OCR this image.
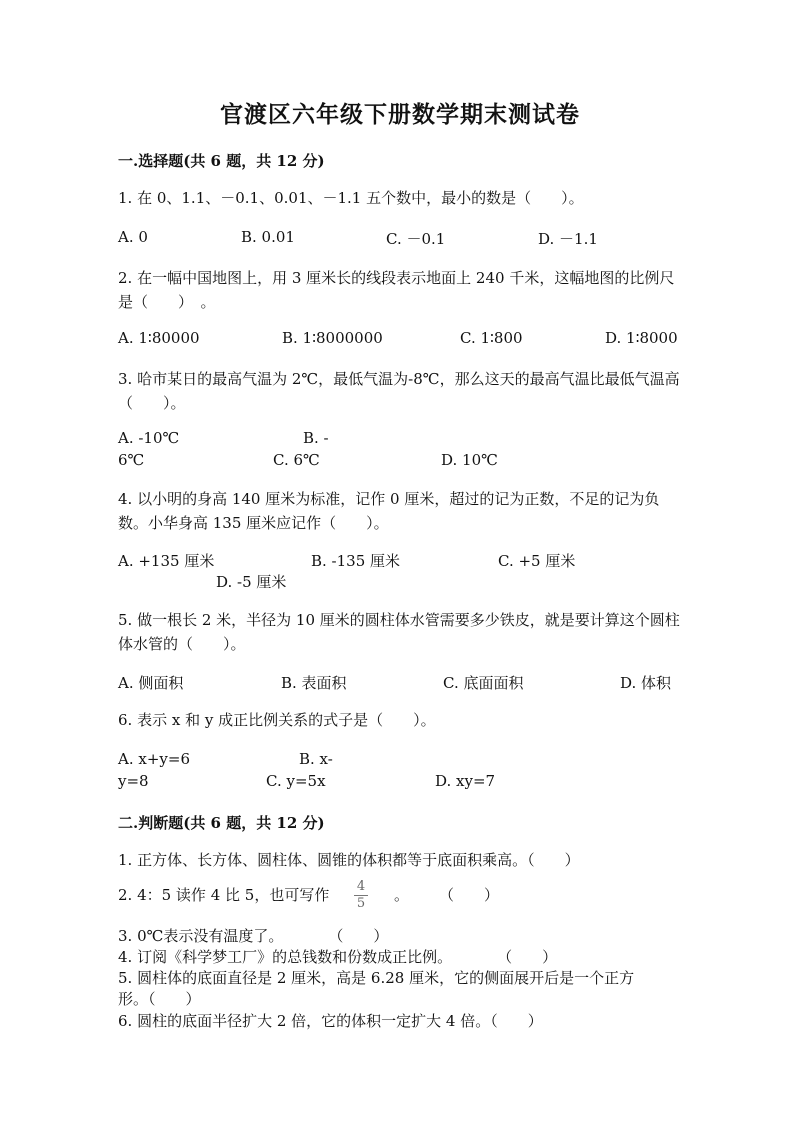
官渡区六年级下册数学期末测试卷
一.选择题(共 6 题，共 12 分)
1. 在 0、1.1、－0.1、0.01、－1.1 五个数中，最小的数是（　　）。
A. 0	B. 0.01	C. －0.1	D. －1.1
2. 在一幅中国地图上，用 3 厘米长的线段表示地面上 240 千米，这幅地图的比例尺是（　　）　。
A. 1∶80000	B. 1∶8000000	C. 1∶800	D. 1∶8000
3. 哈市某日的最高气温为 2℃，最低气温为-8℃，那么这天的最高气温比最低气温高（　　）。
A. -10℃	B. -
6℃	C. 6℃	D. 10℃
4. 以小明的身高 140 厘米为标准，记作 0 厘米，超过的记为正数，不足的记为负数。小华身高 135 厘米应记作（　　）。
A. +135 厘米	B. -135 厘米	C. +5 厘米
D. -5 厘米
5. 做一根长 2 米，半径为 10 厘米的圆柱体水管需要多少铁皮，就是要计算这个圆柱体水管的（　　）。
A. 侧面积	B. 表面积	C. 底面面积	D. 体积
6. 表示 x 和 y 成正比例关系的式子是（　　）。
A. x+y=6	B. x-
y=8	C. y=5x	D. xy=7
二.判断题(共 6 题，共 12 分)
1. 正方体、长方体、圆柱体、圆锥的体积都等于底面积乘高。（　　）
2. 4：5 读作 4 比 5，也可写作 4
5 。　　　（　　）
3. 0℃表示没有温度了。　　　　（　　）
4. 订阅《科学梦工厂》的总钱数和份数成正比例。　　　　（　　）
5. 圆柱体的底面直径是 2 厘米，高是 6.28 厘米，它的侧面展开后是一个正方
形。（　　）
6. 圆柱的底面半径扩大 2 倍，它的体积一定扩大 4 倍。（　　）
